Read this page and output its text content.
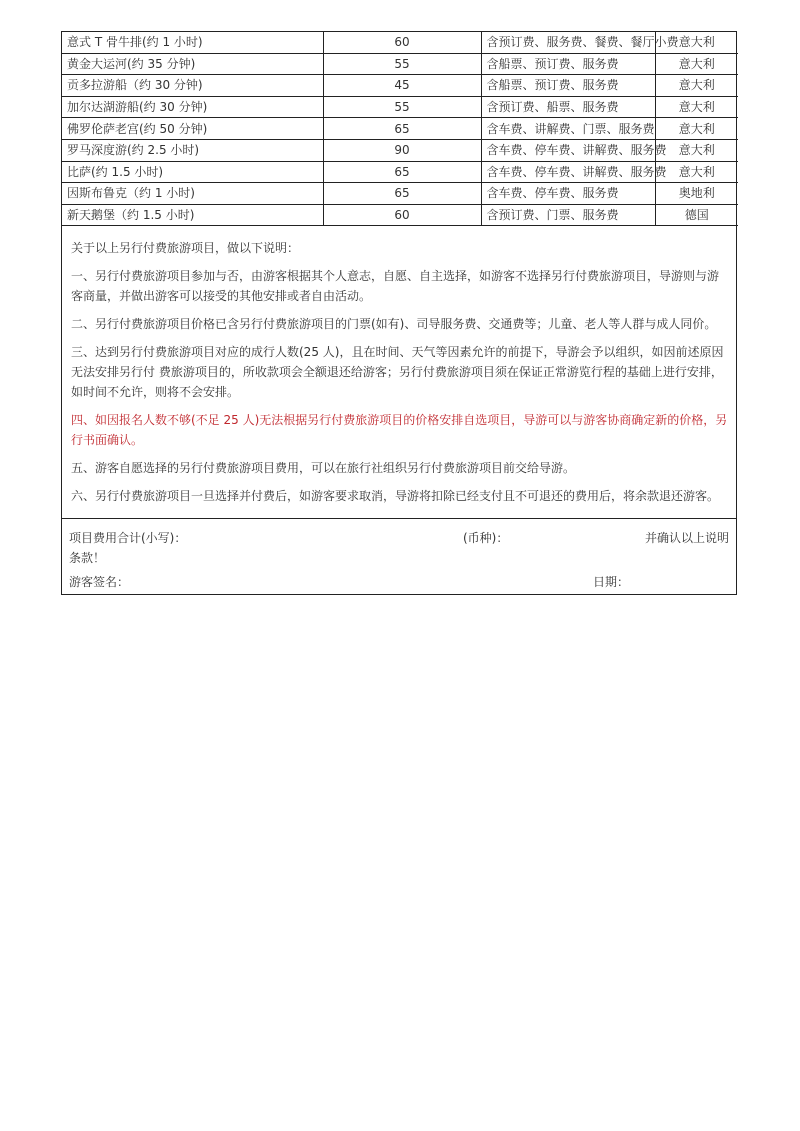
意式 T 骨牛排(约 1 小时)	60	含预订费、服务费、餐费、餐厅小费	意大利
黄金大运河(约 35 分钟)	55	含船票、预订费、服务费	意大利
贡多拉游船（约 30 分钟)	45	含船票、预订费、服务费	意大利
加尔达湖游船(约 30 分钟)	55	含预订费、船票、服务费	意大利
佛罗伦萨老宫(约 50 分钟)	65	含车费、讲解费、门票、服务费	意大利
罗马深度游(约 2.5 小时)	90	含车费、停车费、讲解费、服务费	意大利
比萨(约 1.5 小时)	65	含车费、停车费、讲解费、服务费	意大利
因斯布鲁克（约 1 小时)	65	含车费、停车费、服务费	奥地利
新天鹅堡（约 1.5 小时)	60	含预订费、门票、服务费	德国

关于以上另行付费旅游项目，做以下说明：

一、另行付费旅游项目参加与否，由游客根据其个人意志，自愿、自主选择，如游客不选择另行付费旅游项目，导游则与游客商量，并做出游客可以接受的其他安排或者自由活动。

二、另行付费旅游项目价格已含另行付费旅游项目的门票(如有)、司导服务费、交通费等；儿童、老人等人群与成人同价。

三、达到另行付费旅游项目对应的成行人数(25 人)，且在时间、天气等因素允许的前提下，导游会予以组织，如因前述原因无法安排另行付 费旅游项目的，所收款项会全额退还给游客；另行付费旅游项目须在保证正常游览行程的基础上进行安排，如时间不允许，则将不会安排。

四、如因报名人数不够(不足 25 人)无法根据另行付费旅游项目的价格安排自选项目，导游可以与游客协商确定新的价格，另行书面确认。

五、游客自愿选择的另行付费旅游项目费用，可以在旅行社组织另行付费旅游项目前交给导游。

六、另行付费旅游项目一旦选择并付费后，如游客要求取消，导游将扣除已经支付且不可退还的费用后，将余款退还游客。

项目费用合计(小写)：	(币种)：	并确认以上说明
条款！
游客签名：	日期：
